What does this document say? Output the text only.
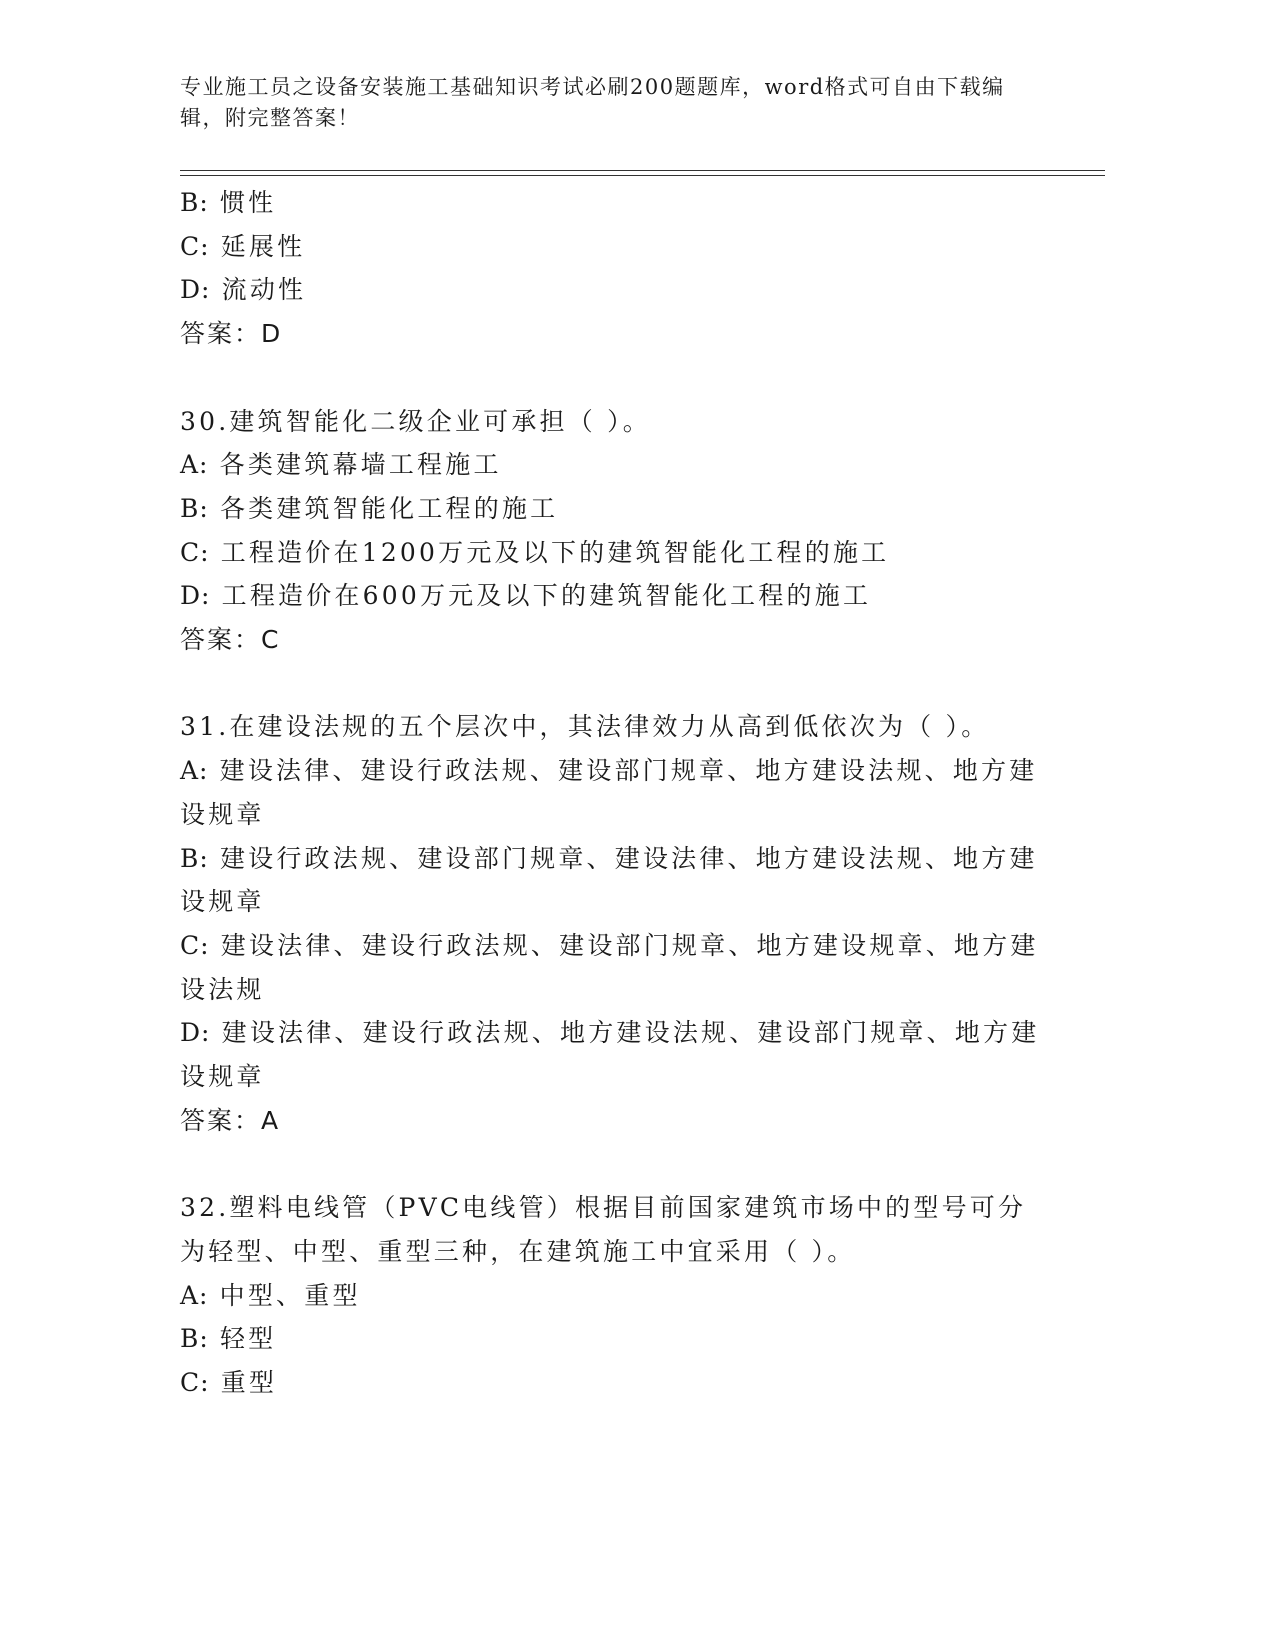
专业施工员之设备安装施工基础知识考试必刷200题题库，word格式可自由下载编辑，附完整答案！
B: 惯性
C: 延展性
D: 流动性
答案：D
30.建筑智能化二级企业可承担（ ）。
A: 各类建筑幕墙工程施工
B: 各类建筑智能化工程的施工
C: 工程造价在1200万元及以下的建筑智能化工程的施工
D: 工程造价在600万元及以下的建筑智能化工程的施工
答案：C
31.在建设法规的五个层次中，其法律效力从高到低依次为（ ）。
A: 建设法律、建设行政法规、建设部门规章、地方建设法规、地方建设规章
B: 建设行政法规、建设部门规章、建设法律、地方建设法规、地方建设规章
C: 建设法律、建设行政法规、建设部门规章、地方建设规章、地方建设法规
D: 建设法律、建设行政法规、地方建设法规、建设部门规章、地方建设规章
答案：A
32.塑料电线管（PVC电线管）根据目前国家建筑市场中的型号可分为轻型、中型、重型三种，在建筑施工中宜采用（ ）。
A: 中型、重型
B: 轻型
C: 重型
